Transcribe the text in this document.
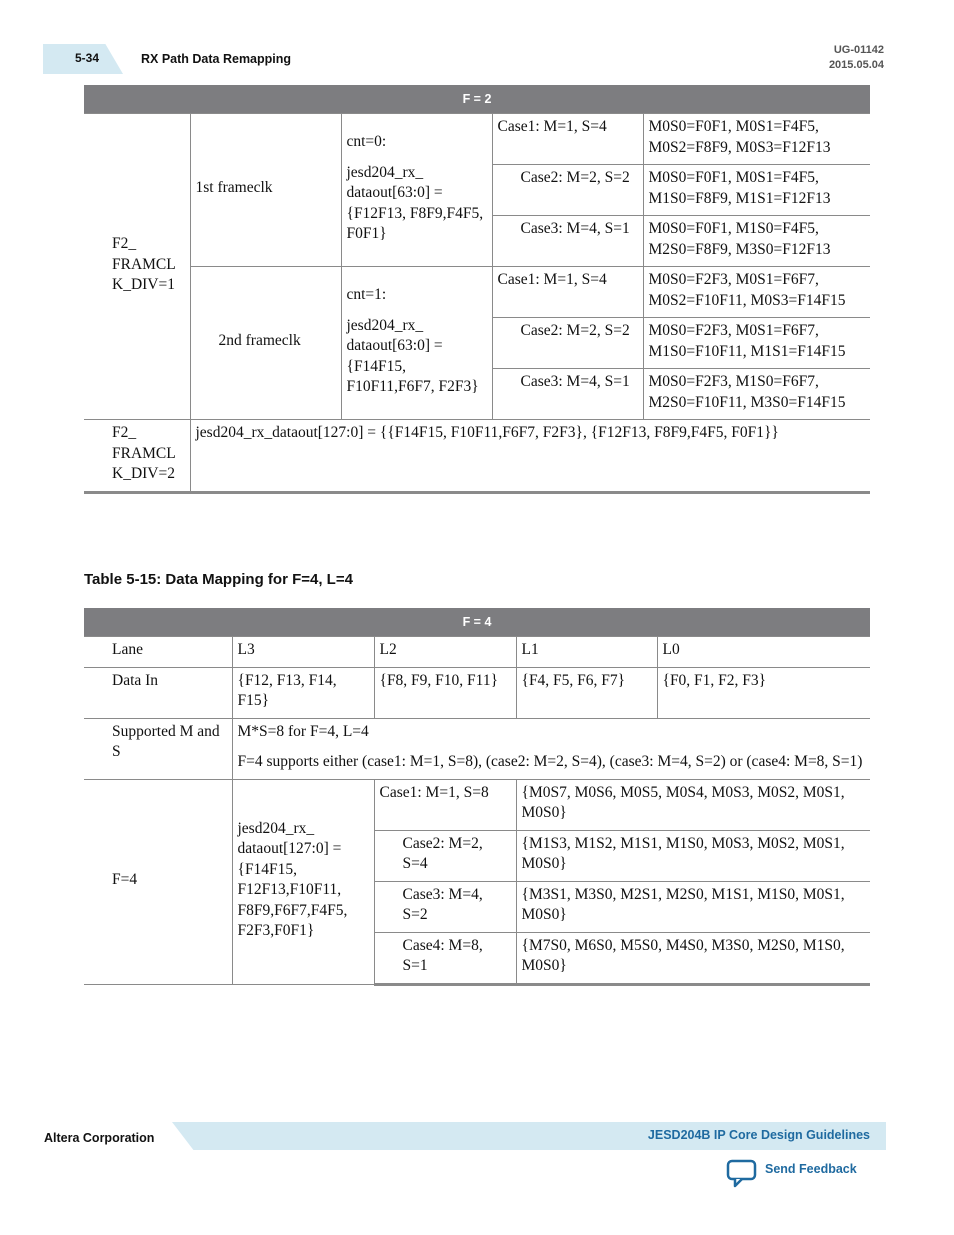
5-34	RX Path Data Remapping
UG-01142
2015.05.04
F = 2				
F2_ FRAMCL K_DIV=1	1st frameclk	cnt=0:

jesd204_rx_ dataout[63:0] = {F12F13, F8F9,F4F5, F0F1}	Case1: M=1, S=4	M0S0=F0F1, M0S1=F4F5, M0S2=F8F9, M0S3=F12F13
			Case2: M=2, S=2	M0S0=F0F1, M0S1=F4F5, M1S0=F8F9, M1S1=F12F13
			Case3: M=4, S=1	M0S0=F0F1, M1S0=F4F5, M2S0=F8F9, M3S0=F12F13
	2nd frameclk	cnt=1:

jesd204_rx_ dataout[63:0] = {F14F15, F10F11,F6F7, F2F3}	Case1: M=1, S=4	M0S0=F2F3, M0S1=F6F7, M0S2=F10F11, M0S3=F14F15
			Case2: M=2, S=2	M0S0=F2F3, M0S1=F6F7, M1S0=F10F11, M1S1=F14F15
			Case3: M=4, S=1	M0S0=F2F3, M1S0=F6F7, M2S0=F10F11, M3S0=F14F15
F2_ FRAMCL K_DIV=2	jesd204_rx_dataout[127:0] = {{F14F15, F10F11,F6F7, F2F3}, {F12F13, F8F9,F4F5, F0F1}}			
Table 5-15: Data Mapping for F=4, L=4
F = 4				
Lane	L3	L2	L1	L0
Data In	{F12, F13, F14, F15}	{F8, F9, F10, F11}	{F4, F5, F6, F7}	{F0, F1, F2, F3}
Supported M and S	M*S=8 for F=4, L=4

F=4 supports either (case1: M=1, S=8), (case2: M=2, S=4), (case3: M=4, S=2) or (case4: M=8, S=1)			

F=4	jesd204_rx_ dataout[127:0] = {F14F15, F12F13,F10F11, F8F9,F6F7,F4F5, F2F3,F0F1}	Case1: M=1, S=8	{M0S7, M0S6, M0S5, M0S4, M0S3, M0S2, M0S1, M0S0}	
		Case2: M=2, S=4	{M1S3, M1S2, M1S1, M1S0, M0S3, M0S2, M0S1, M0S0}	
		Case3: M=4, S=2	{M3S1, M3S0, M2S1, M2S0, M1S1, M1S0, M0S1, M0S0}	
		Case4: M=8, S=1	{M7S0, M6S0, M5S0, M4S0, M3S0, M2S0, M1S0, M0S0}	
Altera Corporation	JESD204B IP Core Design Guidelines
Send Feedback
